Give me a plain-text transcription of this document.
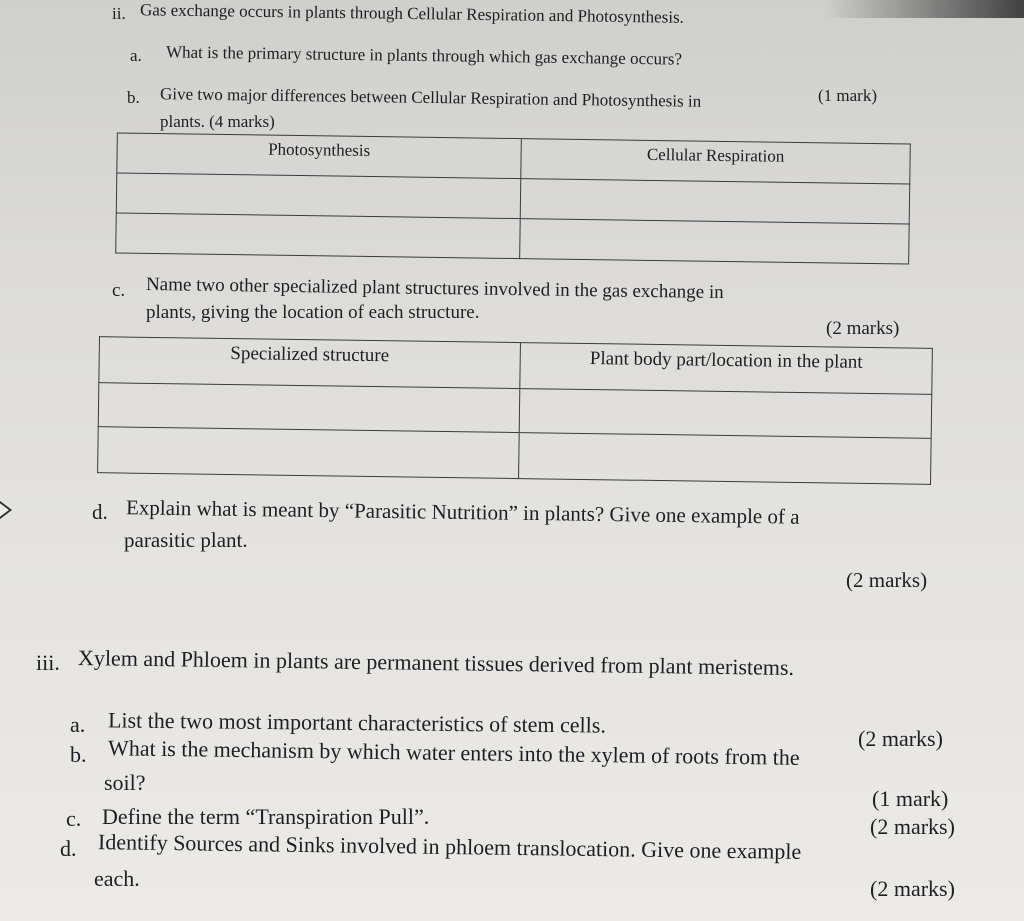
ii. Gas exchange occurs in plants through Cellular Respiration and Photosynthesis.
a. What is the primary structure in plants through which gas exchange occurs?
b. Give two major differences between Cellular Respiration and Photosynthesis in
plants. (4 marks)
(1 mark)
Photosynthesis	Cellular Respiration

c. Name two other specialized plant structures involved in the gas exchange in
plants, giving the location of each structure.
(2 marks)
Specialized structure	Plant body part/location in the plant

d. Explain what is meant by “Parasitic Nutrition” in plants? Give one example of a
parasitic plant.
(2 marks)
iii. Xylem and Phloem in plants are permanent tissues derived from plant meristems.
a. List the two most important characteristics of stem cells.
(2 marks)
b. What is the mechanism by which water enters into the xylem of roots from the
soil?
(1 mark)
c. Define the term “Transpiration Pull”.	(2 marks)
d. Identify Sources and Sinks involved in phloem translocation. Give one example
each.	(2 marks)
